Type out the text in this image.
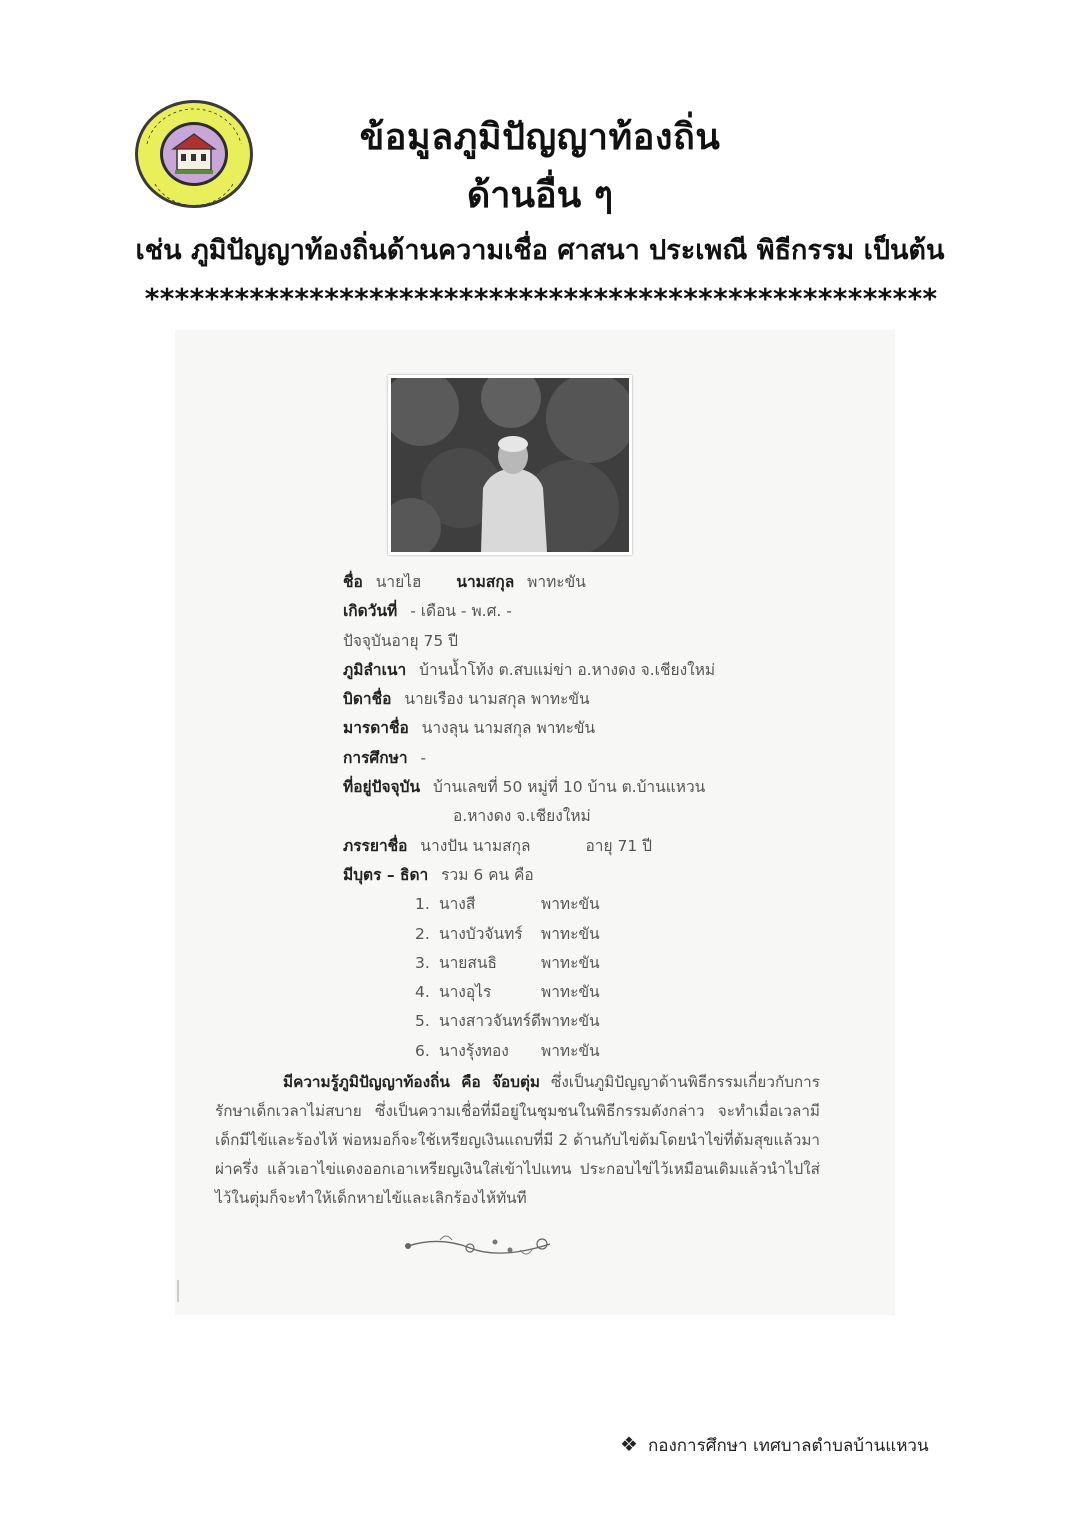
ข้อมูลภูมิปัญญาท้องถิ่น
ด้านอื่น ๆ
เช่น ภูมิปัญญาท้องถิ่นด้านความเชื่อ ศาสนา ประเพณี พิธีกรรม เป็นต้น
*****************************************************
ชื่อ นายไฮ นามสกุล พาทะขัน
เกิดวันที่ - เดือน - พ.ศ. -
ปัจจุบันอายุ 75 ปี
ภูมิลำเนา บ้านน้ำโท้ง ต.สบแม่ข่า อ.หางดง จ.เชียงใหม่
บิดาชื่อ นายเรือง นามสกุล พาทะขัน
มารดาชื่อ นางลุน นามสกุล พาทะขัน
การศึกษา -
ที่อยู่ปัจจุบัน บ้านเลขที่ 50 หมู่ที่ 10 บ้าน ต.บ้านแหวน
อ.หางดง จ.เชียงใหม่
ภรรยาชื่อ นางปัน นามสกุล	อายุ 71 ปี
มีบุตร – ธิดา รวม 6 คน คือ
1. นางสี	พาทะขัน
2. นางบัวจันทร์ พาทะขัน
3. นายสนธิ	พาทะขัน
4. นางอุไร	พาทะขัน
5. นางสาวจันทร์ดีพาทะขัน
6. นางรุ้งทอง พาทะขัน
มีความรู้ภูมิปัญญาท้องถิ่น คือ จ๊อบตุ่ม ซึ่งเป็นภูมิปัญญาด้านพิธีกรรมเกี่ยวกับการรักษาเด็กเวลาไม่สบาย ซึ่งเป็นความเชื่อที่มีอยู่ในชุมชนในพิธีกรรมดังกล่าว จะทำเมื่อเวลามีเด็กมีไข้และร้องไห้ พ่อหมอก็จะใช้เหรียญเงินแถบที่มี 2 ด้านกับไข่ต้มโดยนำไข่ที่ต้มสุขแล้วมาผ่าครึ่ง แล้วเอาไข่แดงออกเอาเหรียญเงินใส่เข้าไปแทน ประกอบไข่ไว้เหมือนเดิมแล้วนำไปใส่ไว้ในตุ่มก็จะทำให้เด็กหายไข้และเลิกร้องไห้ทันที
❖ กองการศึกษา เทศบาลตำบลบ้านแหวน
